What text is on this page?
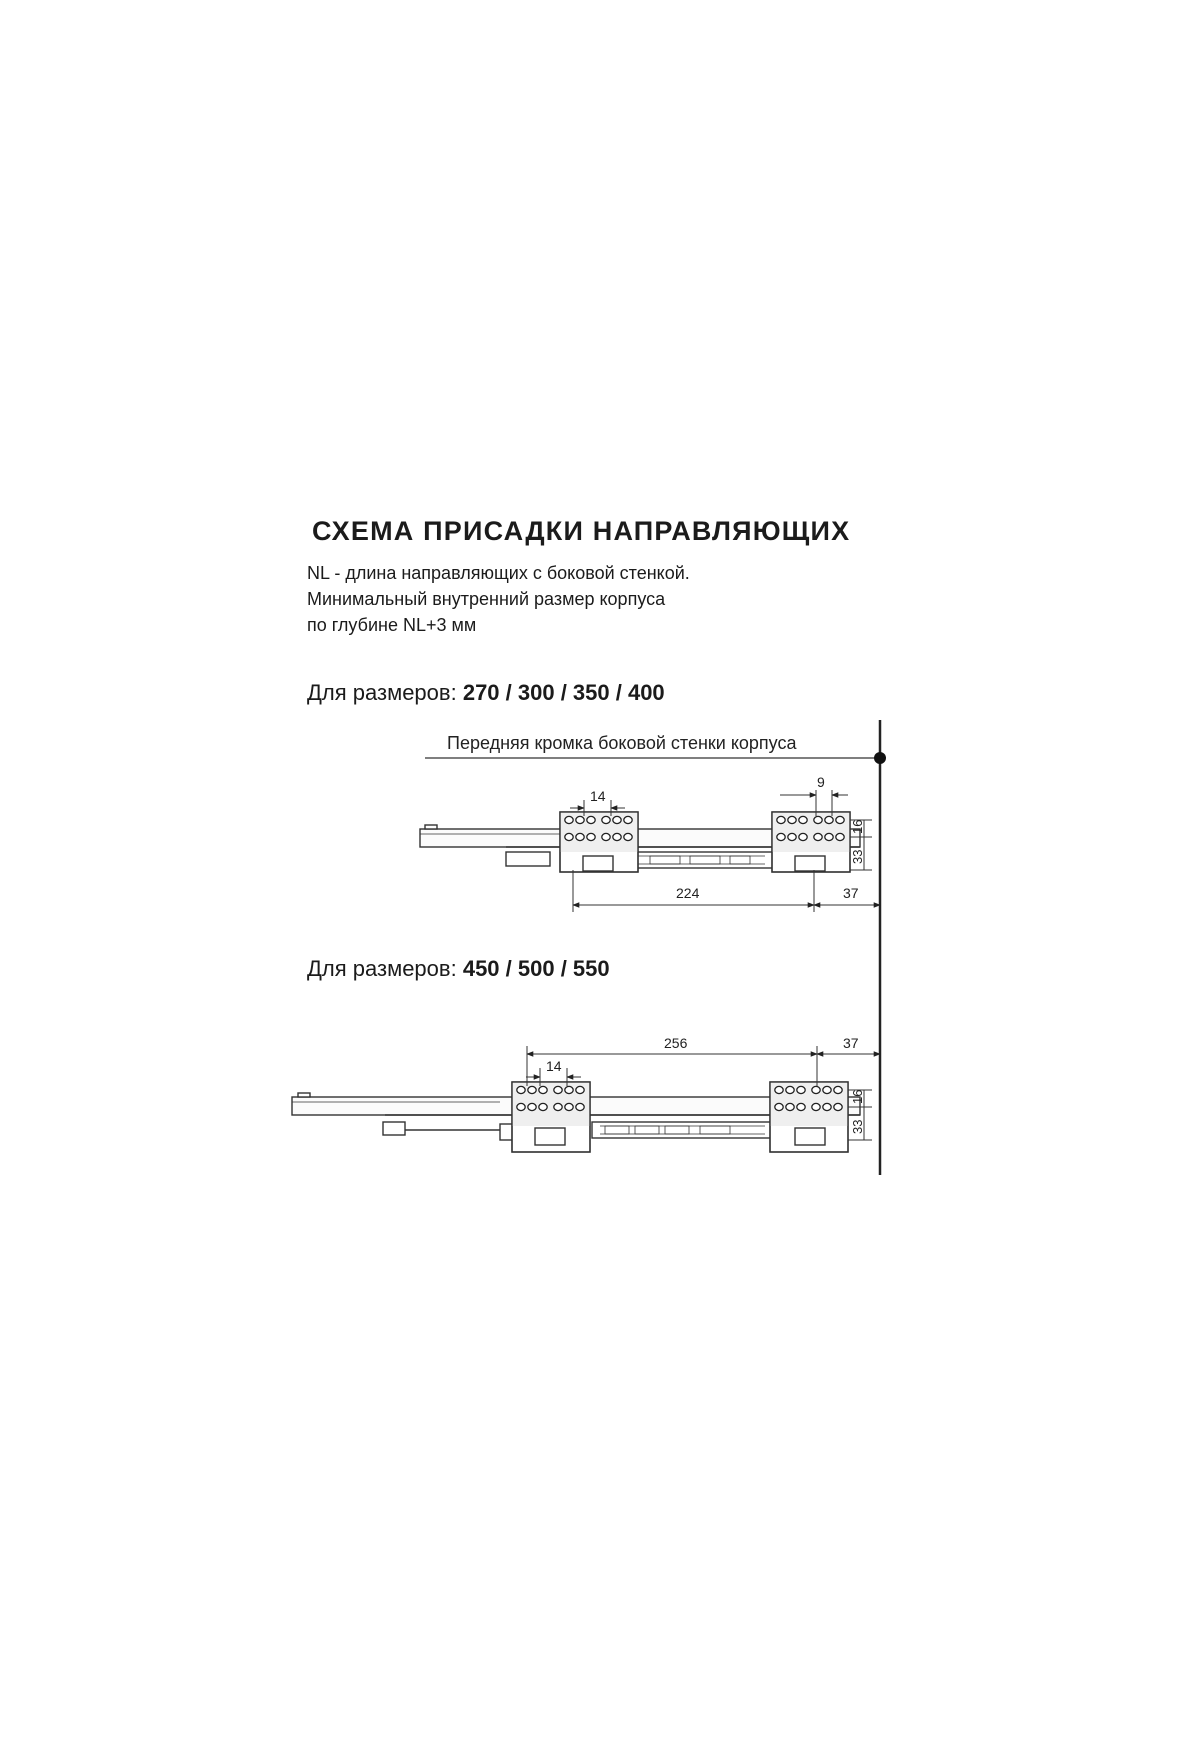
СХЕМА ПРИСАДКИ НАПРАВЛЯЮЩИХ
NL - длина направляющих с боковой стенкой.
Минимальный внутренний размер корпуса
по глубине NL+3 мм
Для размеров: 270 / 300 / 350 / 400
Для размеров: 450 / 500 / 550
Передняя кромка боковой стенки корпуса
14
9
16
33
224	37
14
256	37
16
33
